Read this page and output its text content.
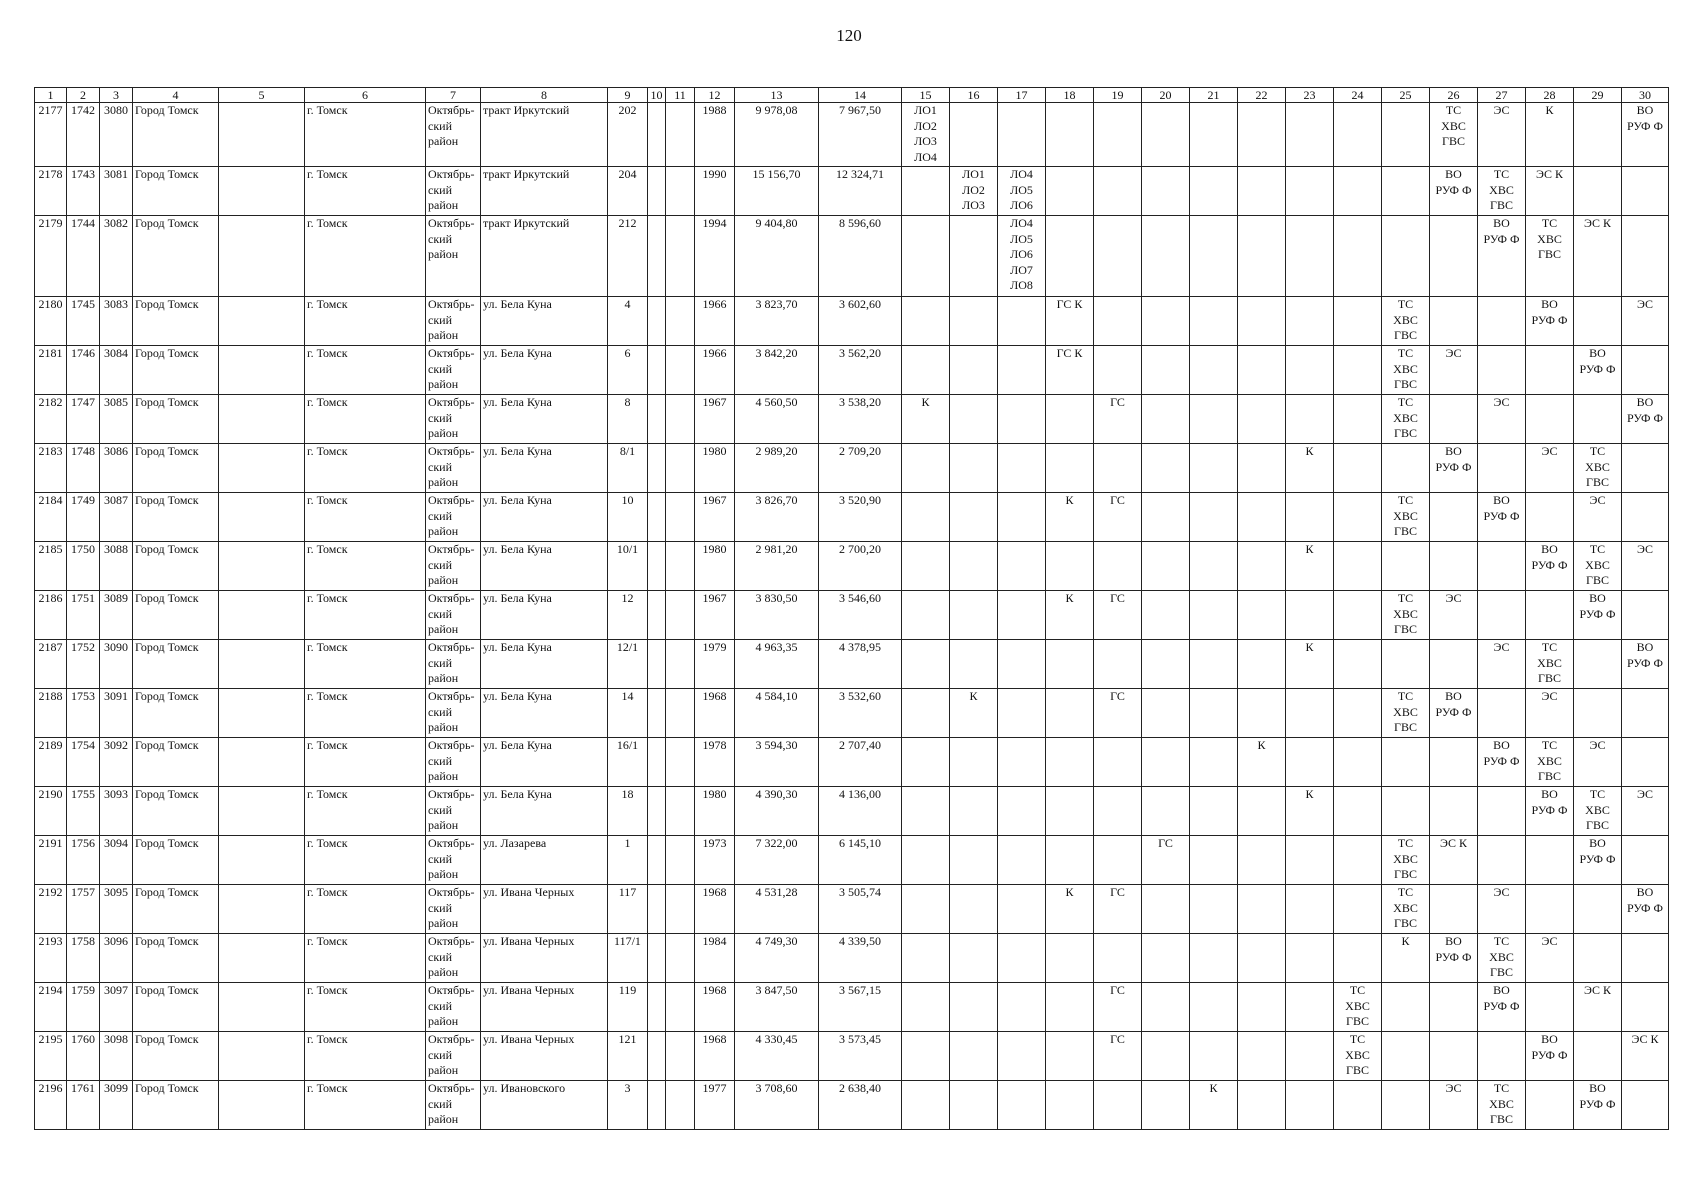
120
1	2	3	4	5	6	7	8	9	10	11	12	13	14	15	16	17	18	19	20	21	22	23	24	25	26	27	28	29	30
2177	1742	3080	Город Томск		г. Томск	Октябрь-
ский
район	тракт Иркутский	202			1988	9 978,08	7 967,50	ЛО1
ЛО2
ЛО3
ЛО4											ТС
ХВС
ГВС	ЭС	К		ВО
РУФ Ф
2178	1743	3081	Город Томск		г. Томск	Октябрь-
ский
район	тракт Иркутский	204			1990	15 156,70	12 324,71		ЛО1
ЛО2
ЛО3	ЛО4
ЛО5
ЛО6									ВО
РУФ Ф	ТС
ХВС
ГВС	ЭС К		
2179	1744	3082	Город Томск		г. Томск	Октябрь-
ский
район	тракт Иркутский	212			1994	9 404,80	8 596,60			ЛО4
ЛО5
ЛО6
ЛО7
ЛО8										ВО
РУФ Ф	ТС
ХВС
ГВС	ЭС К	
2180	1745	3083	Город Томск		г. Томск	Октябрь-
ский
район	ул. Бела Куна	4			1966	3 823,70	3 602,60				ГС К							ТС
ХВС
ГВС			ВО
РУФ Ф		ЭС
2181	1746	3084	Город Томск		г. Томск	Октябрь-
ский
район	ул. Бела Куна	6			1966	3 842,20	3 562,20				ГС К							ТС
ХВС
ГВС	ЭС			ВО
РУФ Ф	
2182	1747	3085	Город Томск		г. Томск	Октябрь-
ский
район	ул. Бела Куна	8			1967	4 560,50	3 538,20	К				ГС						ТС
ХВС
ГВС		ЭС			ВО
РУФ Ф
2183	1748	3086	Город Томск		г. Томск	Октябрь-
ский
район	ул. Бела Куна	8/1			1980	2 989,20	2 709,20									К			ВО
РУФ Ф		ЭС	ТС
ХВС
ГВС	
2184	1749	3087	Город Томск		г. Томск	Октябрь-
ский
район	ул. Бела Куна	10			1967	3 826,70	3 520,90				К	ГС						ТС
ХВС
ГВС		ВО
РУФ Ф		ЭС	
2185	1750	3088	Город Томск		г. Томск	Октябрь-
ский
район	ул. Бела Куна	10/1			1980	2 981,20	2 700,20									К					ВО
РУФ Ф	ТС
ХВС
ГВС	ЭС
2186	1751	3089	Город Томск		г. Томск	Октябрь-
ский
район	ул. Бела Куна	12			1967	3 830,50	3 546,60				К	ГС						ТС
ХВС
ГВС	ЭС			ВО
РУФ Ф	
2187	1752	3090	Город Томск		г. Томск	Октябрь-
ский
район	ул. Бела Куна	12/1			1979	4 963,35	4 378,95									К				ЭС	ТС
ХВС
ГВС		ВО
РУФ Ф
2188	1753	3091	Город Томск		г. Томск	Октябрь-
ский
район	ул. Бела Куна	14			1968	4 584,10	3 532,60		К			ГС						ТС
ХВС
ГВС	ВО
РУФ Ф		ЭС		
2189	1754	3092	Город Томск		г. Томск	Октябрь-
ский
район	ул. Бела Куна	16/1			1978	3 594,30	2 707,40								К					ВО
РУФ Ф	ТС
ХВС
ГВС	ЭС	
2190	1755	3093	Город Томск		г. Томск	Октябрь-
ский
район	ул. Бела Куна	18			1980	4 390,30	4 136,00									К					ВО
РУФ Ф	ТС
ХВС
ГВС	ЭС
2191	1756	3094	Город Томск		г. Томск	Октябрь-
ский
район	ул. Лазарева	1			1973	7 322,00	6 145,10						ГС					ТС
ХВС
ГВС	ЭС К			ВО
РУФ Ф	
2192	1757	3095	Город Томск		г. Томск	Октябрь-
ский
район	ул. Ивана Черных	117			1968	4 531,28	3 505,74				К	ГС						ТС
ХВС
ГВС		ЭС			ВО
РУФ Ф
2193	1758	3096	Город Томск		г. Томск	Октябрь-
ский
район	ул. Ивана Черных	117/1			1984	4 749,30	4 339,50											К	ВО
РУФ Ф	ТС
ХВС
ГВС	ЭС		
2194	1759	3097	Город Томск		г. Томск	Октябрь-
ский
район	ул. Ивана Черных	119			1968	3 847,50	3 567,15					ГС					ТС
ХВС
ГВС			ВО
РУФ Ф		ЭС К	
2195	1760	3098	Город Томск		г. Томск	Октябрь-
ский
район	ул. Ивана Черных	121			1968	4 330,45	3 573,45					ГС					ТС
ХВС
ГВС				ВО
РУФ Ф		ЭС К
2196	1761	3099	Город Томск		г. Томск	Октябрь-
ский
район	ул. Ивановского	3			1977	3 708,60	2 638,40							К					ЭС	ТС
ХВС
ГВС		ВО
РУФ Ф	
